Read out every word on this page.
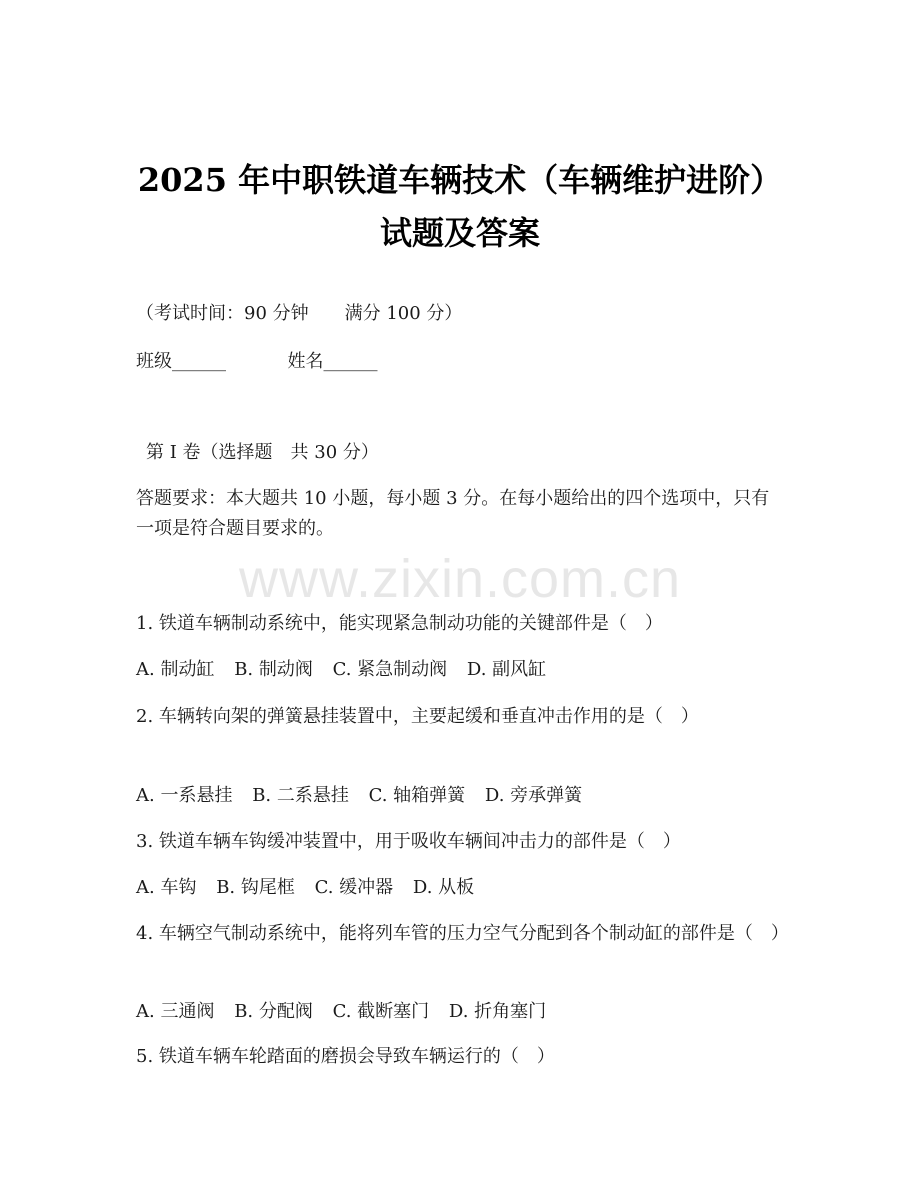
2025 年中职铁道车辆技术（车辆维护进阶）
试题及答案
（考试时间：90 分钟　　满分 100 分）
班级______	姓名______
第 I 卷（选择题　共 30 分）
答题要求：本大题共 10 小题，每小题 3 分。在每小题给出的四个选项中，只有一项是符合题目要求的。
www.zixin.com.cn
1. 铁道车辆制动系统中，能实现紧急制动功能的关键部件是（　）
A. 制动缸 B. 制动阀 C. 紧急制动阀 D. 副风缸
2. 车辆转向架的弹簧悬挂装置中，主要起缓和垂直冲击作用的是（　）
A. 一系悬挂 B. 二系悬挂 C. 轴箱弹簧 D. 旁承弹簧
3. 铁道车辆车钩缓冲装置中，用于吸收车辆间冲击力的部件是（　）
A. 车钩 B. 钩尾框 C. 缓冲器 D. 从板
4. 车辆空气制动系统中，能将列车管的压力空气分配到各个制动缸的部件是（　）
A. 三通阀 B. 分配阀 C. 截断塞门 D. 折角塞门
5. 铁道车辆车轮踏面的磨损会导致车辆运行的（　）
